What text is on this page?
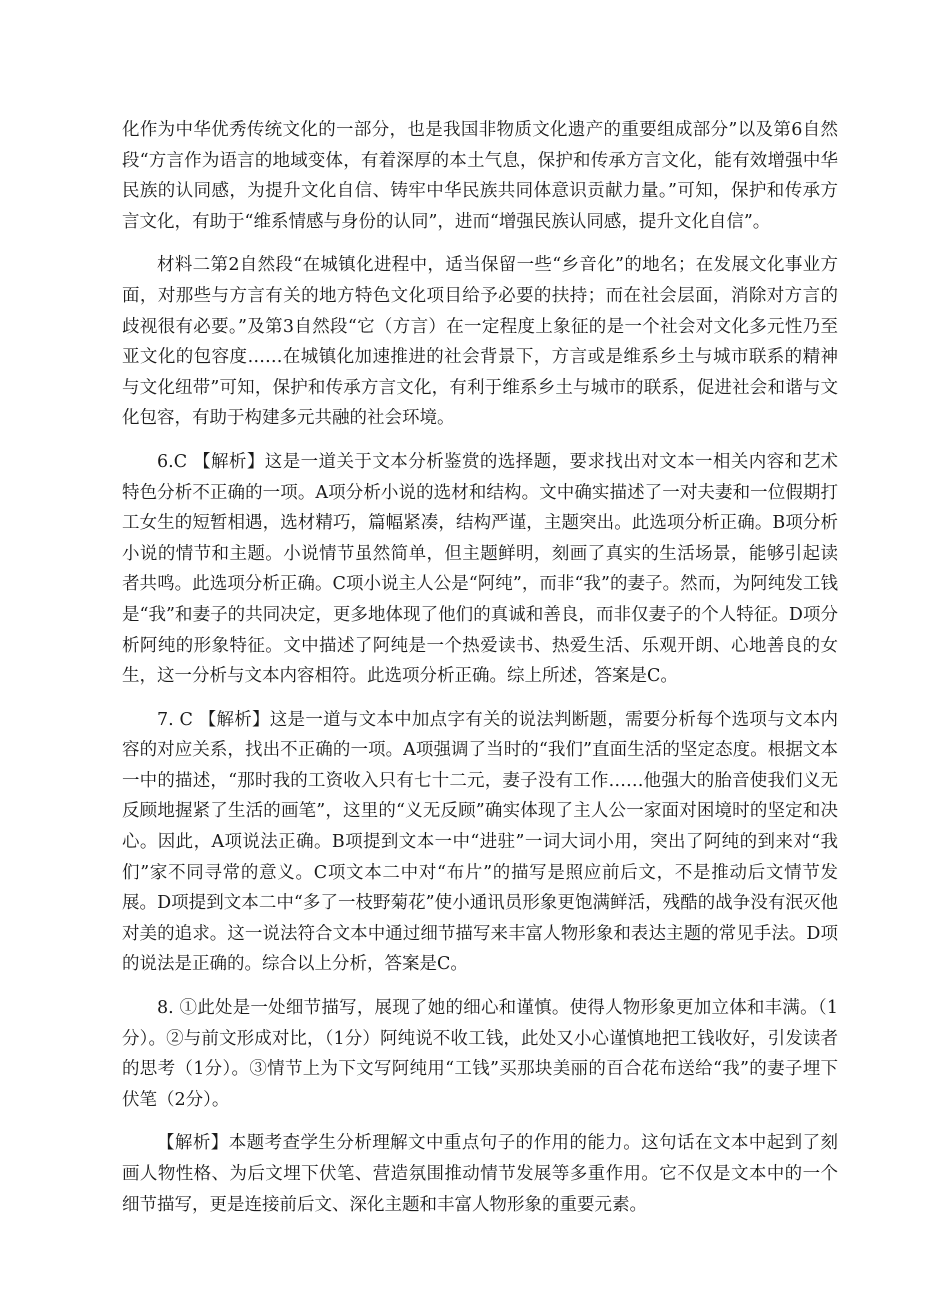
化作为中华优秀传统文化的一部分，也是我国非物质文化遗产的重要组成部分”以及第6自然段“方言作为语言的地域变体，有着深厚的本土气息，保护和传承方言文化，能有效增强中华民族的认同感，为提升文化自信、铸牢中华民族共同体意识贡献力量。”可知，保护和传承方言文化，有助于“维系情感与身份的认同”，进而“增强民族认同感，提升文化自信”。

材料二第2自然段“在城镇化进程中，适当保留一些“乡音化”的地名；在发展文化事业方面，对那些与方言有关的地方特色文化项目给予必要的扶持；而在社会层面，消除对方言的歧视很有必要。”及第3自然段“它（方言）在一定程度上象征的是一个社会对文化多元性乃至亚文化的包容度……在城镇化加速推进的社会背景下，方言或是维系乡土与城市联系的精神与文化纽带”可知，保护和传承方言文化，有利于维系乡土与城市的联系，促进社会和谐与文化包容，有助于构建多元共融的社会环境。

6.C 【解析】这是一道关于文本分析鉴赏的选择题，要求找出对文本一相关内容和艺术特色分析不正确的一项。A项分析小说的选材和结构。文中确实描述了一对夫妻和一位假期打工女生的短暂相遇，选材精巧，篇幅紧凑，结构严谨，主题突出。此选项分析正确。B项分析小说的情节和主题。小说情节虽然简单，但主题鲜明，刻画了真实的生活场景，能够引起读者共鸣。此选项分析正确。C项小说主人公是“阿纯”，而非“我”的妻子。然而，为阿纯发工钱是“我”和妻子的共同决定，更多地体现了他们的真诚和善良，而非仅妻子的个人特征。D项分析阿纯的形象特征。文中描述了阿纯是一个热爱读书、热爱生活、乐观开朗、心地善良的女生，这一分析与文本内容相符。此选项分析正确。综上所述，答案是C。

7. C 【解析】这是一道与文本中加点字有关的说法判断题，需要分析每个选项与文本内容的对应关系，找出不正确的一项。A项强调了当时的“我们”直面生活的坚定态度。根据文本一中的描述，“那时我的工资收入只有七十二元，妻子没有工作……他强大的胎音使我们义无反顾地握紧了生活的画笔”，这里的“义无反顾”确实体现了主人公一家面对困境时的坚定和决心。因此，A项说法正确。B项提到文本一中“进驻”一词大词小用，突出了阿纯的到来对“我们”家不同寻常的意义。C项文本二中对“布片”的描写是照应前后文，不是推动后文情节发展。D项提到文本二中“多了一枝野菊花”使小通讯员形象更饱满鲜活，残酷的战争没有泯灭他对美的追求。这一说法符合文本中通过细节描写来丰富人物形象和表达主题的常见手法。D项的说法是正确的。综合以上分析，答案是C。

8. ①此处是一处细节描写，展现了她的细心和谨慎。使得人物形象更加立体和丰满。（1分）。②与前文形成对比，（1分）阿纯说不收工钱，此处又小心谨慎地把工钱收好，引发读者的思考（1分）。③情节上为下文写阿纯用“工钱”买那块美丽的百合花布送给“我”的妻子埋下伏笔（2分）。

【解析】本题考查学生分析理解文中重点句子的作用的能力。这句话在文本中起到了刻画人物性格、为后文埋下伏笔、营造氛围推动情节发展等多重作用。它不仅是文本中的一个细节描写，更是连接前后文、深化主题和丰富人物形象的重要元素。
